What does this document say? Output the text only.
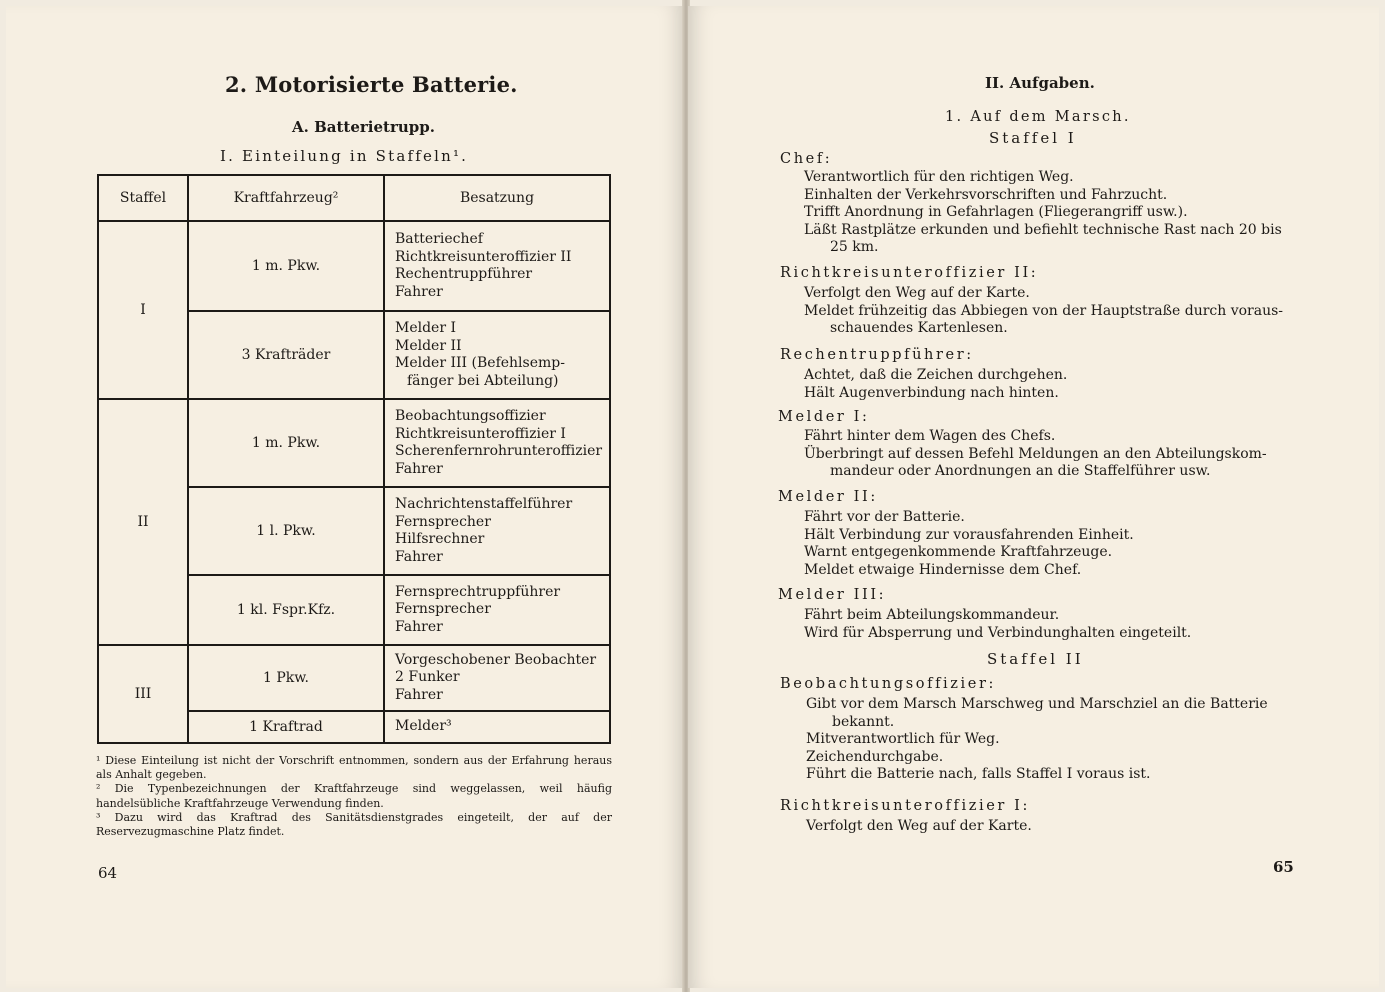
2. Motorisierte Batterie.
A. Batterietrupp.
I. Einteilung in Staffeln¹.
Staffel	Kraftfahrzeug²	Besatzung
I	1 m. Pkw.	Batteriechef
Richtkreisunteroffizier II
Rechentruppführer
Fahrer

	3 Krafträder	Melder I
Melder II
Melder III (Befehlsemp-
fänger bei Abteilung)

II	1 m. Pkw.	Beobachtungsoffizier
Richtkreisunteroffizier I
Scherenfernrohrunteroffizier
Fahrer

	1 l. Pkw.	Nachrichtenstaffelführer
Fernsprecher
Hilfsrechner
Fahrer

	1 kl. Fspr.Kfz.	Fernsprechtruppführer
Fernsprecher
Fahrer

III	1 Pkw.	Vorgeschobener Beobachter
2 Funker
Fahrer

	1 Kraftrad	Melder³
¹ Diese Einteilung ist nicht der Vorschrift entnommen, sondern aus der Erfahrung heraus als Anhalt gegeben.
² Die Typenbezeichnungen der Kraftfahrzeuge sind weggelassen, weil häufig handelsübliche Kraftfahrzeuge Verwendung finden.
³ Dazu wird das Kraftrad des Sanitätsdienstgrades eingeteilt, der auf der Reservezugmaschine Platz findet.
64
II. Aufgaben.
1. Auf dem Marsch.
Staffel I
Chef:
Verantwortlich für den richtigen Weg.
Einhalten der Verkehrsvorschriften und Fahrzucht.
Trifft Anordnung in Gefahrlagen (Fliegerangriff usw.).
Läßt Rastplätze erkunden und befiehlt technische Rast nach 20 bis
25 km.
Richtkreisunteroffizier II:
Verfolgt den Weg auf der Karte.
Meldet frühzeitig das Abbiegen von der Hauptstraße durch voraus-
schauendes Kartenlesen.
Rechentruppführer:
Achtet, daß die Zeichen durchgehen.
Hält Augenverbindung nach hinten.
Melder I:
Fährt hinter dem Wagen des Chefs.
Überbringt auf dessen Befehl Meldungen an den Abteilungskom-
mandeur oder Anordnungen an die Staffelführer usw.
Melder II:
Fährt vor der Batterie.
Hält Verbindung zur vorausfahrenden Einheit.
Warnt entgegenkommende Kraftfahrzeuge.
Meldet etwaige Hindernisse dem Chef.
Melder III:
Fährt beim Abteilungskommandeur.
Wird für Absperrung und Verbindunghalten eingeteilt.
Staffel II
Beobachtungsoffizier:
Gibt vor dem Marsch Marschweg und Marschziel an die Batterie
bekannt.
Mitverantwortlich für Weg.
Zeichendurchgabe.
Führt die Batterie nach, falls Staffel I voraus ist.
Richtkreisunteroffizier I:
Verfolgt den Weg auf der Karte.
65
